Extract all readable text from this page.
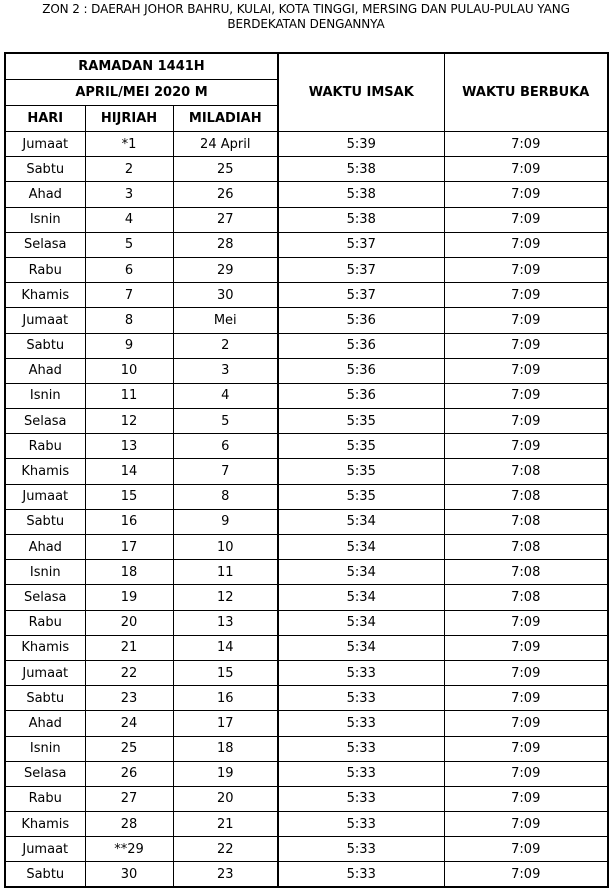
ZON 2 : DAERAH JOHOR BAHRU, KULAI, KOTA TINGGI, MERSING DAN PULAU-PULAU YANG
BERDEKATAN DENGANNYA
RAMADAN 1441H			WAKTU IMSAK	WAKTU BERBUKA
APRIL/MEI 2020 M				
HARI	HIJRIAH	MILADIAH		
Jumaat	*1	24 April	5:39	7:09
Sabtu	2	25	5:38	7:09
Ahad	3	26	5:38	7:09
Isnin	4	27	5:38	7:09
Selasa	5	28	5:37	7:09
Rabu	6	29	5:37	7:09
Khamis	7	30	5:37	7:09
Jumaat	8	Mei	5:36	7:09
Sabtu	9	2	5:36	7:09
Ahad	10	3	5:36	7:09
Isnin	11	4	5:36	7:09
Selasa	12	5	5:35	7:09
Rabu	13	6	5:35	7:09
Khamis	14	7	5:35	7:08
Jumaat	15	8	5:35	7:08
Sabtu	16	9	5:34	7:08
Ahad	17	10	5:34	7:08
Isnin	18	11	5:34	7:08
Selasa	19	12	5:34	7:08
Rabu	20	13	5:34	7:09
Khamis	21	14	5:34	7:09
Jumaat	22	15	5:33	7:09
Sabtu	23	16	5:33	7:09
Ahad	24	17	5:33	7:09
Isnin	25	18	5:33	7:09
Selasa	26	19	5:33	7:09
Rabu	27	20	5:33	7:09
Khamis	28	21	5:33	7:09
Jumaat	**29	22	5:33	7:09
Sabtu	30	23	5:33	7:09
